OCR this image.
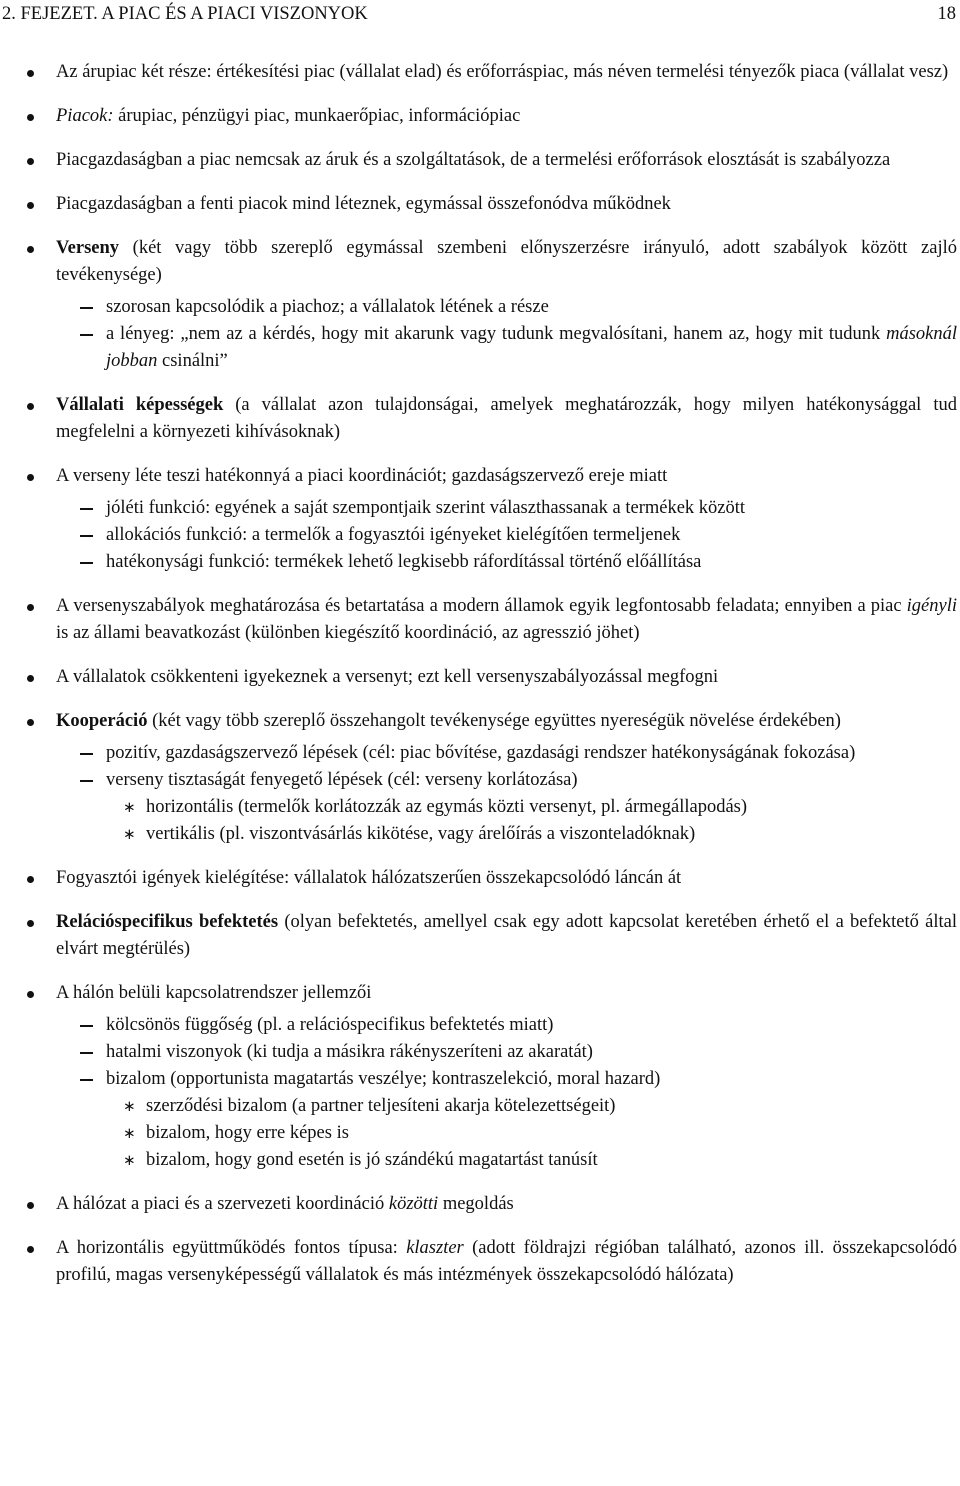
2. FEJEZET. A PIAC ÉS A PIACI VISZONYOK	18
Az árupiac két része: értékesítési piac (vállalat elad) és erőforráspiac, más néven termelési tényezők piaca (vállalat vesz)
Piacok: árupiac, pénzügyi piac, munkaerőpiac, információpiac
Piacgazdaságban a piac nemcsak az áruk és a szolgáltatások, de a termelési erőforrások elosztását is szabályozza
Piacgazdaságban a fenti piacok mind léteznek, egymással összefonódva működnek
Verseny (két vagy több szereplő egymással szembeni előnyszerzésre irányuló, adott szabályok között zajló tevékenysége)
szorosan kapcsolódik a piachoz; a vállalatok létének a része
a lényeg: „nem az a kérdés, hogy mit akarunk vagy tudunk megvalósítani, hanem az, hogy mit tudunk másoknál jobban csinálni”
Vállalati képességek (a vállalat azon tulajdonságai, amelyek meghatározzák, hogy milyen hatékonysággal tud megfelelni a környezeti kihívásoknak)
A verseny léte teszi hatékonnyá a piaci koordinációt; gazdaságszervező ereje miatt
jóléti funkció: egyének a saját szempontjaik szerint választhassanak a termékek között
allokációs funkció: a termelők a fogyasztói igényeket kielégítően termeljenek
hatékonysági funkció: termékek lehető legkisebb ráfordítással történő előállítása
A versenyszabályok meghatározása és betartatása a modern államok egyik legfontosabb feladata; ennyiben a piac igényli is az állami beavatkozást (különben kiegészítő koordináció, az agresszió jöhet)
A vállalatok csökkenteni igyekeznek a versenyt; ezt kell versenyszabályozással megfogni
Kooperáció (két vagy több szereplő összehangolt tevékenysége együttes nyereségük növelése érdekében)
pozitív, gazdaságszervező lépések (cél: piac bővítése, gazdasági rendszer hatékonyságának fokozása)
verseny tisztaságát fenyegető lépések (cél: verseny korlátozása)
∗ horizontális (termelők korlátozzák az egymás közti versenyt, pl. ármegállapodás)
∗ vertikális (pl. viszontvásárlás kikötése, vagy árelőírás a viszonteladóknak)
Fogyasztói igények kielégítése: vállalatok hálózatszerűen összekapcsolódó láncán át
Relációspecifikus befektetés (olyan befektetés, amellyel csak egy adott kapcsolat keretében érhető el a befektető által elvárt megtérülés)
A hálón belüli kapcsolatrendszer jellemzői
kölcsönös függőség (pl. a relációspecifikus befektetés miatt)
hatalmi viszonyok (ki tudja a másikra rákényszeríteni az akaratát)
bizalom (opportunista magatartás veszélye; kontraszelekció, moral hazard)
∗ szerződési bizalom (a partner teljesíteni akarja kötelezettségeit)
∗ bizalom, hogy erre képes is
∗ bizalom, hogy gond esetén is jó szándékú magatartást tanúsít
A hálózat a piaci és a szervezeti koordináció közötti megoldás
A horizontális együttműködés fontos típusa: klaszter (adott földrajzi régióban található, azonos ill. összekapcsolódó profilú, magas versenyképességű vállalatok és más intézmények összekapcsolódó hálózata)
